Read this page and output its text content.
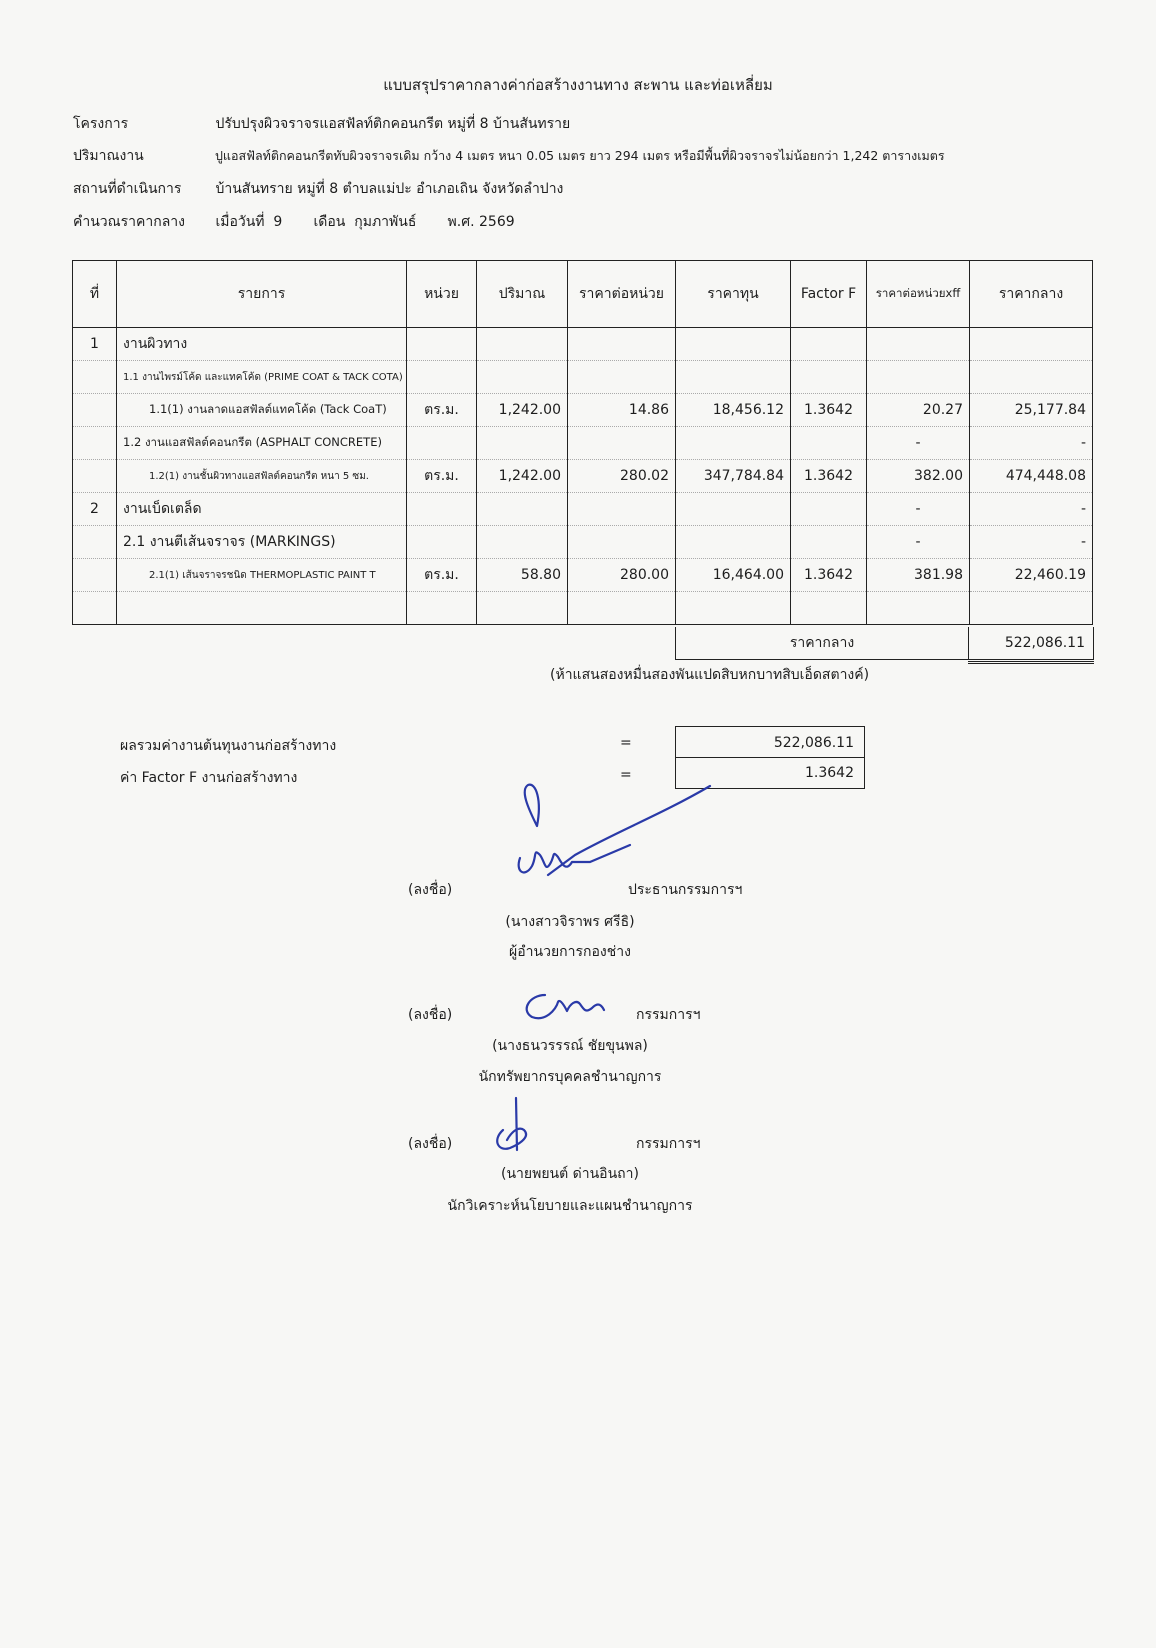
แบบสรุปราคากลางค่าก่อสร้างงานทาง สะพาน และท่อเหลี่ยม
โครงการ	ปรับปรุงผิวจราจรแอสฟัลท์ติกคอนกรีต หมู่ที่ 8 บ้านสันทราย
ปริมาณงาน	ปูแอสฟัลท์ติกคอนกรีตทับผิวจราจรเดิม กว้าง 4 เมตร หนา 0.05 เมตร ยาว 294 เมตร หรือมีพื้นที่ผิวจราจรไม่น้อยกว่า 1,242 ตารางเมตร
สถานที่ดำเนินการ บ้านสันทราย หมู่ที่ 8 ตำบลแม่ปะ อำเภอเถิน จังหวัดลำปาง
คำนวณราคากลาง เมื่อวันที่  9       เดือน  กุมภาพันธ์       พ.ศ. 2569
ที่	รายการ	หน่วย	ปริมาณ	ราคาต่อหน่วย	ราคาทุน	Factor F	ราคาต่อหน่วยxff	ราคากลาง
1	งานผิวทาง							
	1.1 งานไพรม์โค้ด และแทคโค้ด (PRIME COAT & TACK COTA)							
	1.1(1) งานลาดแอสฟัลต์แทคโค้ด (Tack CoaT)	ตร.ม.	1,242.00	14.86	18,456.12	1.3642	20.27	25,177.84
	1.2 งานแอสฟัลต์คอนกรีต (ASPHALT CONCRETE)						-	-
	1.2(1) งานชั้นผิวทางแอสฟัลต์คอนกรีต หนา 5 ซม.	ตร.ม.	1,242.00	280.02	347,784.84	1.3642	382.00	474,448.08
2	งานเบ็ดเตล็ด						-	-
	2.1 งานตีเส้นจราจร (MARKINGS)						-	-
	2.1(1) เส้นจราจรชนิด THERMOPLASTIC PAINT T	ตร.ม.	58.80	280.00	16,464.00	1.3642	381.98	22,460.19

ราคากลาง	522,086.11
(ห้าแสนสองหมื่นสองพันแปดสิบหกบาทสิบเอ็ดสตางค์)
ผลรวมค่างานต้นทุนงานก่อสร้างทาง	=	522,086.11
ค่า Factor F งานก่อสร้างทาง	=	1.3642
(ลงชื่อ)	ประธานกรรมการฯ
(นางสาวจิราพร ศรีธิ)
ผู้อำนวยการกองช่าง
(ลงชื่อ)	กรรมการฯ
(นางธนวรรรณ์ ชัยขุนพล)
นักทรัพยากรบุคคลชำนาญการ
(ลงชื่อ)	กรรมการฯ
(นายพยนต์ ด่านอินถา)
นักวิเคราะห์นโยบายและแผนชำนาญการ
